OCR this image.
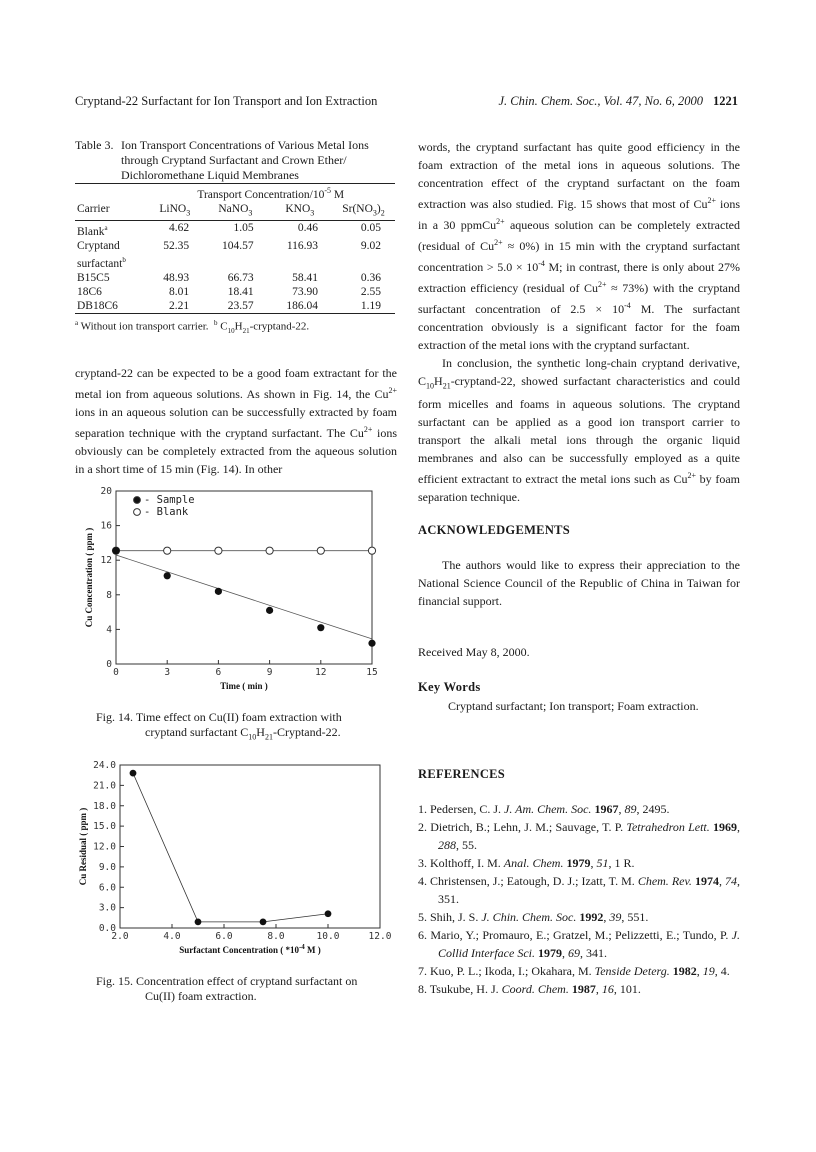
Cryptand-22 Surfactant for Ion Transport and Ion Extraction	J. Chin. Chem. Soc., Vol. 47, No. 6, 2000 1221
Table 3. Ion Transport Concentrations of Various Metal Ions
through Cryptand Surfactant and Crown Ether/
Dichloromethane Liquid Membranes
	Transport Concentration/$10^{-5}$ M			
Carrier	LiNO$_3$	NaNO$_3$	$KNO_3$	$Sr(NO_3)_2$
Blank$^a$	4.62	1.05	0.46	0.05
Cryptand	52.35	104.57	116.93	9.02
surfactant$^b$				
B15C5	48.93	66.73	58.41	0.36
18C6	8.01	18.41	73.90	2.55
DB18C6	2.21	23.57	186.04	1.19
$^a$ Without ion transport carrier. $^b$ $C_{10}H_{21}-cryptand-22$.

cryptand-22 can be expected to be a good foam extractant for the metal ion from aqueous solutions. As shown in Fig. 14, the $Cu^{2+}$ ions in an aqueous solution can be successfully extracted by foam separation technique with the cryptand surfactant. The $Cu^{2+}$ ions obviously can be completely extracted from the aqueous solution in a short time of 15 min (Fig. 14). In other

0	3	6	9	12	15
0
4
8
12
16
20
Time ( min )
Cu Concentration ( ppm )
- Sample
- Blank
Fig. 14. Time effect on Cu(II) foam extraction with
cryptand surfactant $C_{10}H_{21}-Cryptand-22$.
2.0	4.0	6.0	8.0	10.0	12.0
0.0
3.0
6.0
9.0
12.0
15.0
18.0
21.0
24.0
Surfactant Concentration ( $*10^{-4}$ M )
Cu Residual ( ppm )
Fig. 15. Concentration effect of cryptand surfactant on
Cu(II) foam extraction.

words, the cryptand surfactant has quite good efficiency in the foam extraction of the metal ions in aqueous solutions. The concentration effect of the cryptand surfactant on the foam extraction was also studied. Fig. 15 shows that most of $Cu^{2+}$ ions in a 30 ppmCu$^{2+}$ aqueous solution can be completely extracted (residual of $Cu^{2+} \approx 0\%$) in 15 min with the cryptand surfactant concentration > $5.0 \times 10^{-4}$ M; in contrast, there is only about 27% extraction efficiency (residual of $Cu^{2+} \approx 73\%$) with the cryptand surfactant concentration of $2.5 \times 10^{-4}$ M. The surfactant concentration obviously is a significant factor for the foam extraction of the metal ions with the cryptand surfactant.

In conclusion, the synthetic long-chain cryptand derivative, $C_{10}H_{21}-cryptand-22$, showed surfactant characteristics and could form micelles and foams in aqueous solutions. The cryptand surfactant can be applied as a good ion transport carrier to transport the alkali metal ions through the organic liquid membranes and also can be successfully employed as a quite efficient extractant to extract the metal ions such as $Cu^{2+}$ by foam separation technique.

ACKNOWLEDGEMENTS

The authors would like to express their appreciation to the National Science Council of the Republic of China in Taiwan for financial support.

Received May 8, 2000.
Key Words
Cryptand surfactant; Ion transport; Foam extraction.
REFERENCES
1. Pedersen, C. J. J. Am. Chem. Soc. 1967, 89, 2495.
2. Dietrich, B.; Lehn, J. M.; Sauvage, T. P. Tetrahedron Lett. 1969, 288, 55.
3. Kolthoff, I. M. Anal. Chem. 1979, 51, 1 R.
4. Christensen, J.; Eatough, D. J.; Izatt, T. M. Chem. Rev. 1974, 74, 351.
5. Shih, J. S. J. Chin. Chem. Soc. 1992, 39, 551.
6. Mario, Y.; Promauro, E.; Gratzel, M.; Pelizzetti, E.; Tundo, P. J. Collid Interface Sci. 1979, 69, 341.
7. Kuo, P. L.; Ikoda, I.; Okahara, M. Tenside Deterg. 1982, 19, 4.
8. Tsukube, H. J. Coord. Chem. 1987, 16, 101.
